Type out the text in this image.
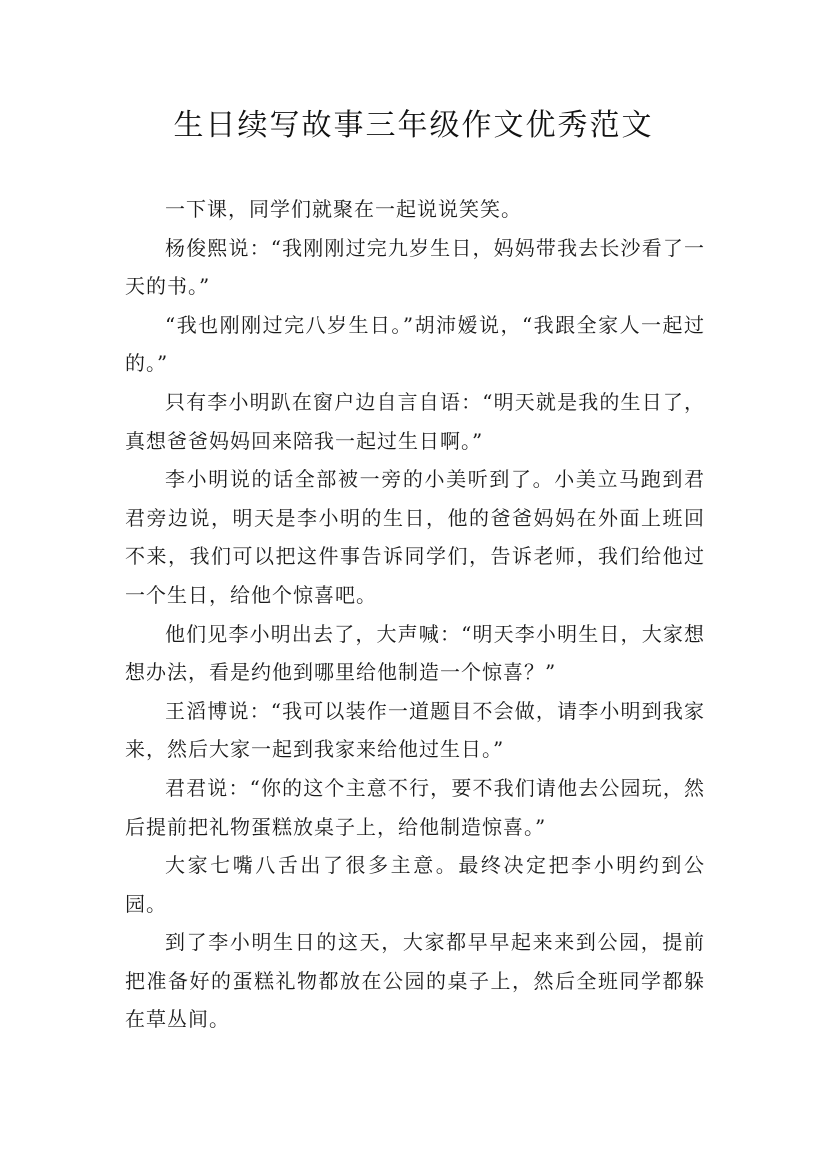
生日续写故事三年级作文优秀范文

一下课，同学们就聚在一起说说笑笑。

杨俊熙说：“我刚刚过完九岁生日，妈妈带我去长沙看了一天的书。”

“我也刚刚过完八岁生日。”胡沛嫒说，“我跟全家人一起过的。”

只有李小明趴在窗户边自言自语：“明天就是我的生日了，真想爸爸妈妈回来陪我一起过生日啊。”

李小明说的话全部被一旁的小美听到了。小美立马跑到君君旁边说，明天是李小明的生日，他的爸爸妈妈在外面上班回不来，我们可以把这件事告诉同学们，告诉老师，我们给他过一个生日，给他个惊喜吧。

他们见李小明出去了，大声喊：“明天李小明生日，大家想想办法，看是约他到哪里给他制造一个惊喜？”

王滔博说：“我可以装作一道题目不会做，请李小明到我家来，然后大家一起到我家来给他过生日。”

君君说：“你的这个主意不行，要不我们请他去公园玩，然后提前把礼物蛋糕放桌子上，给他制造惊喜。”

大家七嘴八舌出了很多主意。最终决定把李小明约到公园。

到了李小明生日的这天，大家都早早起来来到公园，提前把准备好的蛋糕礼物都放在公园的桌子上，然后全班同学都躲在草丛间。
